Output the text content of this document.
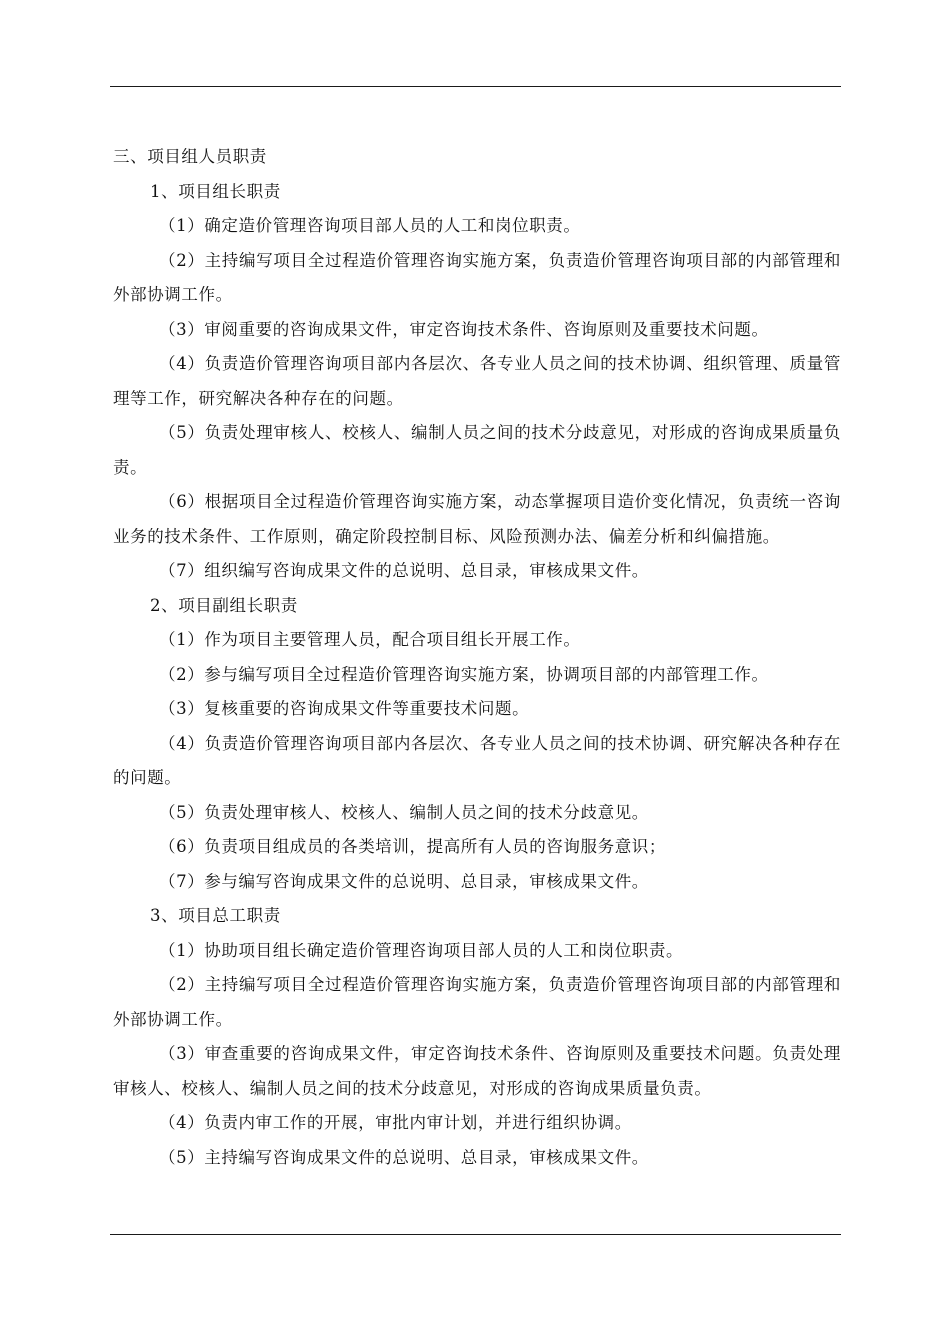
三、项目组人员职责

1、项目组长职责

（1）确定造价管理咨询项目部人员的人工和岗位职责。

（2）主持编写项目全过程造价管理咨询实施方案，负责造价管理咨询项目部的内部管理和外部协调工作。

（3）审阅重要的咨询成果文件，审定咨询技术条件、咨询原则及重要技术问题。

（4）负责造价管理咨询项目部内各层次、各专业人员之间的技术协调、组织管理、质量管理等工作，研究解决各种存在的问题。

（5）负责处理审核人、校核人、编制人员之间的技术分歧意见，对形成的咨询成果质量负责。

（6）根据项目全过程造价管理咨询实施方案，动态掌握项目造价变化情况，负责统一咨询业务的技术条件、工作原则，确定阶段控制目标、风险预测办法、偏差分析和纠偏措施。

（7）组织编写咨询成果文件的总说明、总目录，审核成果文件。

2、项目副组长职责

（1）作为项目主要管理人员，配合项目组长开展工作。

（2）参与编写项目全过程造价管理咨询实施方案，协调项目部的内部管理工作。

（3）复核重要的咨询成果文件等重要技术问题。

（4）负责造价管理咨询项目部内各层次、各专业人员之间的技术协调、研究解决各种存在的问题。

（5）负责处理审核人、校核人、编制人员之间的技术分歧意见。

（6）负责项目组成员的各类培训，提高所有人员的咨询服务意识；

（7）参与编写咨询成果文件的总说明、总目录，审核成果文件。

3、项目总工职责

（1）协助项目组长确定造价管理咨询项目部人员的人工和岗位职责。

（2）主持编写项目全过程造价管理咨询实施方案，负责造价管理咨询项目部的内部管理和外部协调工作。

（3）审查重要的咨询成果文件，审定咨询技术条件、咨询原则及重要技术问题。负责处理审核人、校核人、编制人员之间的技术分歧意见，对形成的咨询成果质量负责。

（4）负责内审工作的开展，审批内审计划，并进行组织协调。

（5）主持编写咨询成果文件的总说明、总目录，审核成果文件。
